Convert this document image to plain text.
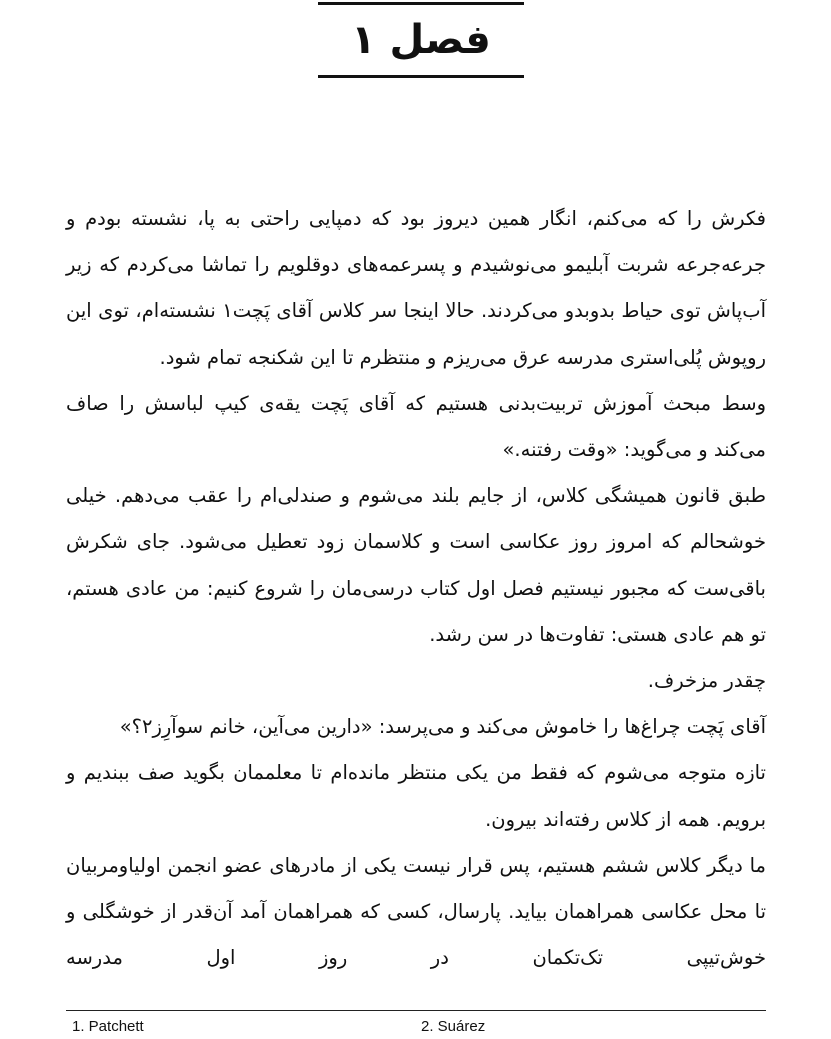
فصل ۱

فکرش را که می‌کنم، انگار همین دیروز بود که دمپایی راحتی به پا، نشسته بودم و جرعه‌جرعه شربت آبلیمو می‌نوشیدم و پسرعمه‌های دوقلویم را تماشا می‌کردم که زیر آب‌پاش توی حیاط بدوبدو می‌کردند. حالا اینجا سر کلاس آقای پَچت۱ نشسته‌ام، توی این روپوش پُلی‌استری مدرسه عرق می‌ریزم و منتظرم تا این شکنجه تمام شود.

وسط مبحث آموزش تربیت‌بدنی هستیم که آقای پَچت یقه‌ی کیپ لباسش را صاف می‌کند و می‌گوید: «وقت رفتنه.»

طبق قانون همیشگی کلاس، از جایم بلند می‌شوم و صندلی‌ام را عقب می‌دهم. خیلی خوشحالم که امروز روز عکاسی است و کلاسمان زود تعطیل می‌شود. جای شکرش باقی‌ست که مجبور نیستیم فصل اول کتاب درسی‌مان را شروع کنیم: من عادی هستم، تو هم عادی هستی: تفاوت‌ها در سن رشد.

چقدر مزخرف.

آقای پَچت چراغ‌ها را خاموش می‌کند و می‌پرسد: «دارین می‌آین، خانم سوآرِز۲؟»

تازه متوجه می‌شوم که فقط من یکی منتظر مانده‌ام تا معلممان بگوید صف ببندیم و برویم. همه از کلاس رفته‌اند بیرون.

ما دیگر کلاس ششم هستیم، پس قرار نیست یکی از مادرهای عضو انجمن اولیاومربیان تا محل عکاسی همراهمان بیاید. پارسال، کسی که همراهمان آمد آن‌قدر از خوشگلی و خوش‌تیپی تک‌تکمان در روز اول مدرسه

1. Patchett	2. Suárez
